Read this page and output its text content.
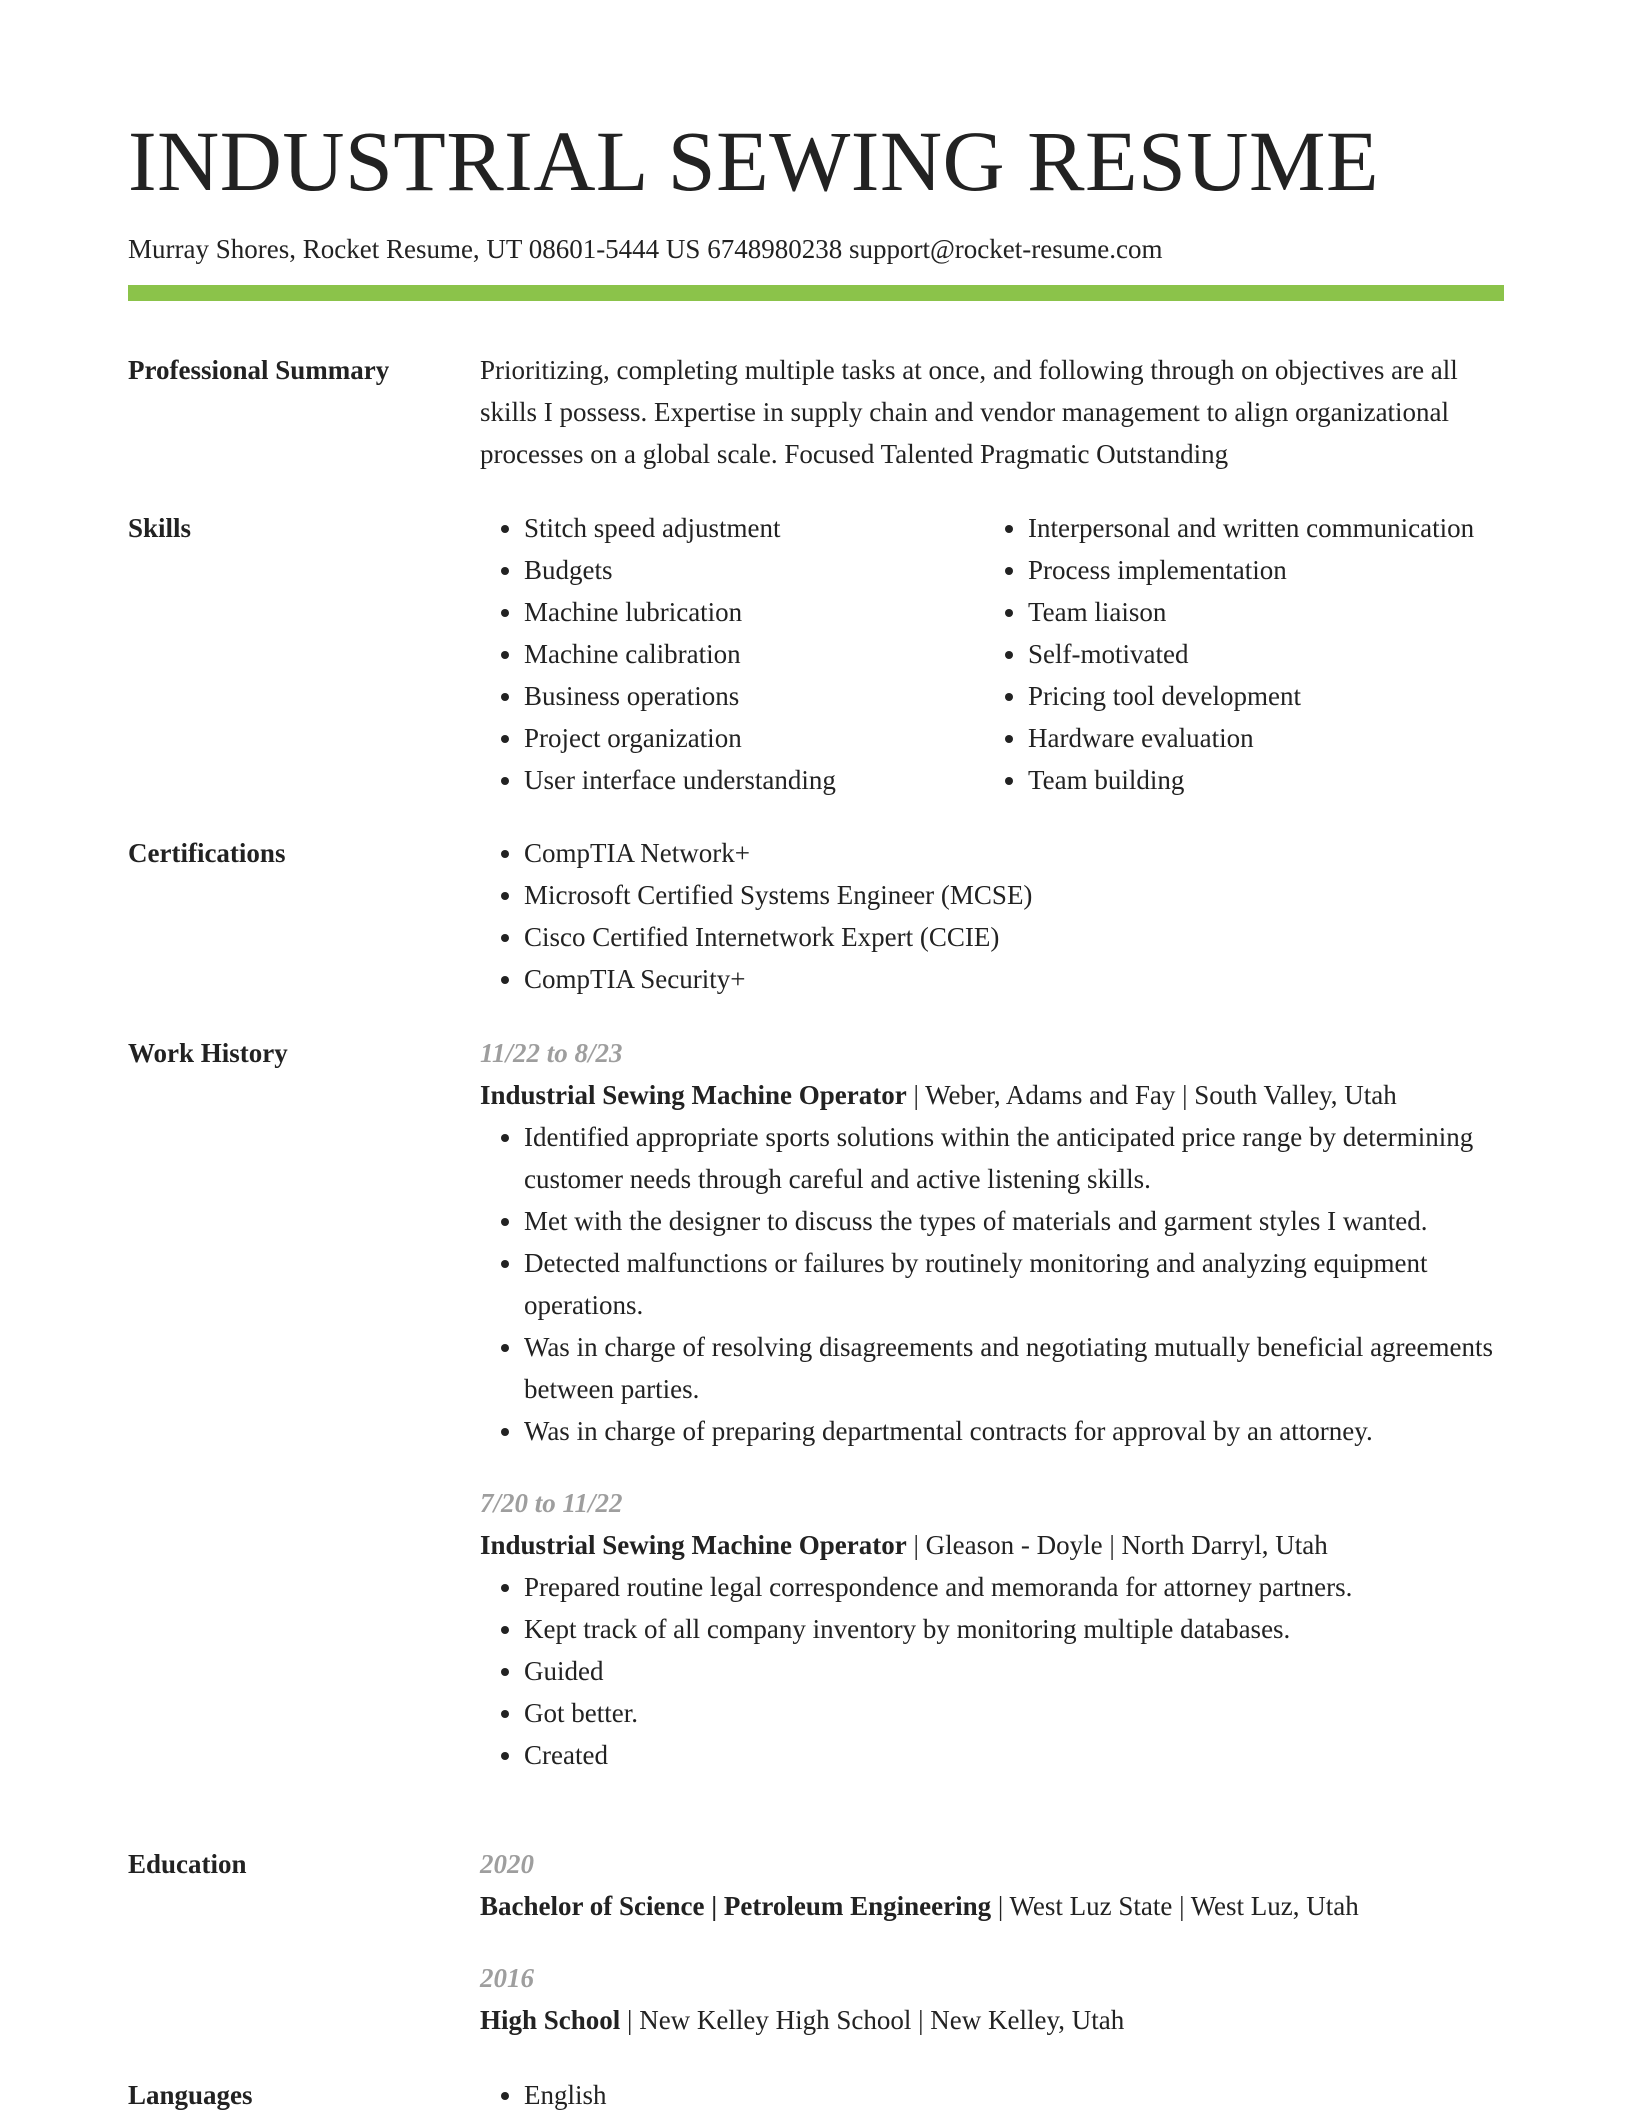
INDUSTRIAL SEWING RESUME
Murray Shores, Rocket Resume, UT 08601-5444 US 6748980238 support@rocket-resume.com
Professional Summary	Prioritizing, completing multiple tasks at once, and following through on objectives are all skills I possess. Expertise in supply chain and vendor management to align organizational processes on a global scale. Focused Talented Pragmatic Outstanding

Skills	• Stitch speed adjustment
• Budgets
• Machine lubrication
• Machine calibration
• Business operations
• Project organization
• User interface understanding
• Interpersonal and written communication
• Process implementation
• Team liaison
• Self-motivated
• Pricing tool development
• Hardware evaluation
• Team building
Certifications	• CompTIA Network+
• Microsoft Certified Systems Engineer (MCSE)
• Cisco Certified Internetwork Expert (CCIE)
• CompTIA Security+
Work History	11/22 to 8/23
Industrial Sewing Machine Operator | Weber, Adams and Fay | South Valley, Utah
• Identified appropriate sports solutions within the anticipated price range by determining customer needs through careful and active listening skills.
• Met with the designer to discuss the types of materials and garment styles I wanted.
• Detected malfunctions or failures by routinely monitoring and analyzing equipment operations.
• Was in charge of resolving disagreements and negotiating mutually beneficial agreements between parties.
• Was in charge of preparing departmental contracts for approval by an attorney.
7/20 to 11/22
Industrial Sewing Machine Operator | Gleason - Doyle | North Darryl, Utah
• Prepared routine legal correspondence and memoranda for attorney partners.
• Kept track of all company inventory by monitoring multiple databases.
• Guided
• Got better.
• Created
Education	2020
Bachelor of Science | Petroleum Engineering | West Luz State | West Luz, Utah
2016
High School | New Kelley High School | New Kelley, Utah
Languages	• English
